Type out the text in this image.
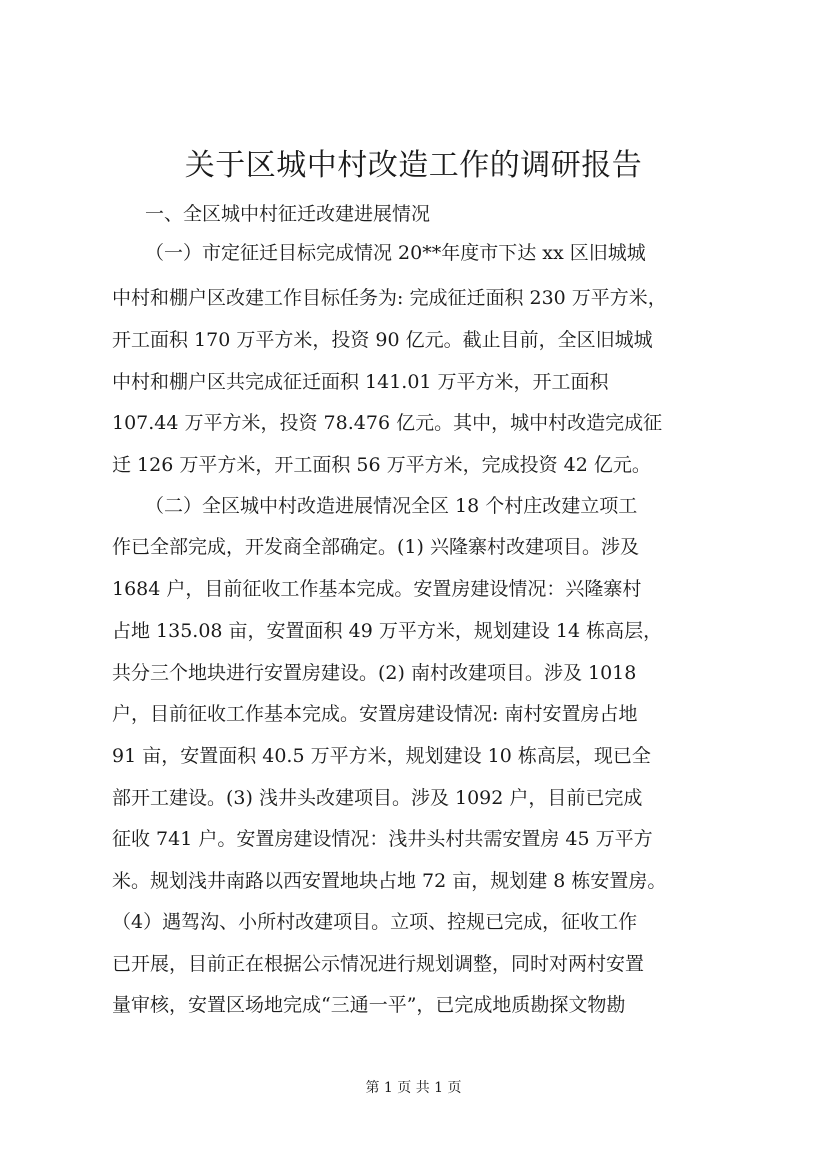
关于区城中村改造工作的调研报告

一、全区城中村征迁改建进展情况

（一）市定征迁目标完成情况 20**年度市下达 xx 区旧城城

中村和棚户区改建工作目标任务为: 完成征迁面积 230 万平方米，

开工面积 170 万平方米，投资 90 亿元。截止目前，全区旧城城

中村和棚户区共完成征迁面积 141.01 万平方米，开工面积

107.44 万平方米，投资 78.476 亿元。其中，城中村改造完成征

迁 126 万平方米，开工面积 56 万平方米，完成投资 42 亿元。

（二）全区城中村改造进展情况全区 18 个村庄改建立项工

作已全部完成，开发商全部确定。(1) 兴隆寨村改建项目。涉及

1684 户，目前征收工作基本完成。安置房建设情况：兴隆寨村

占地 135.08 亩，安置面积 49 万平方米，规划建设 14 栋高层，

共分三个地块进行安置房建设。(2) 南村改建项目。涉及 1018

户，目前征收工作基本完成。安置房建设情况: 南村安置房占地

91 亩，安置面积 40.5 万平方米，规划建设 10 栋高层，现已全

部开工建设。(3) 浅井头改建项目。涉及 1092 户，目前已完成

征收 741 户。安置房建设情况：浅井头村共需安置房 45 万平方

米。规划浅井南路以西安置地块占地 72 亩，规划建 8 栋安置房。

（4）遇驾沟、小所村改建项目。立项、控规已完成，征收工作

已开展，目前正在根据公示情况进行规划调整，同时对两村安置

量审核，安置区场地完成“三通一平”，已完成地质勘探文物勘

第 1 页 共 1 页
